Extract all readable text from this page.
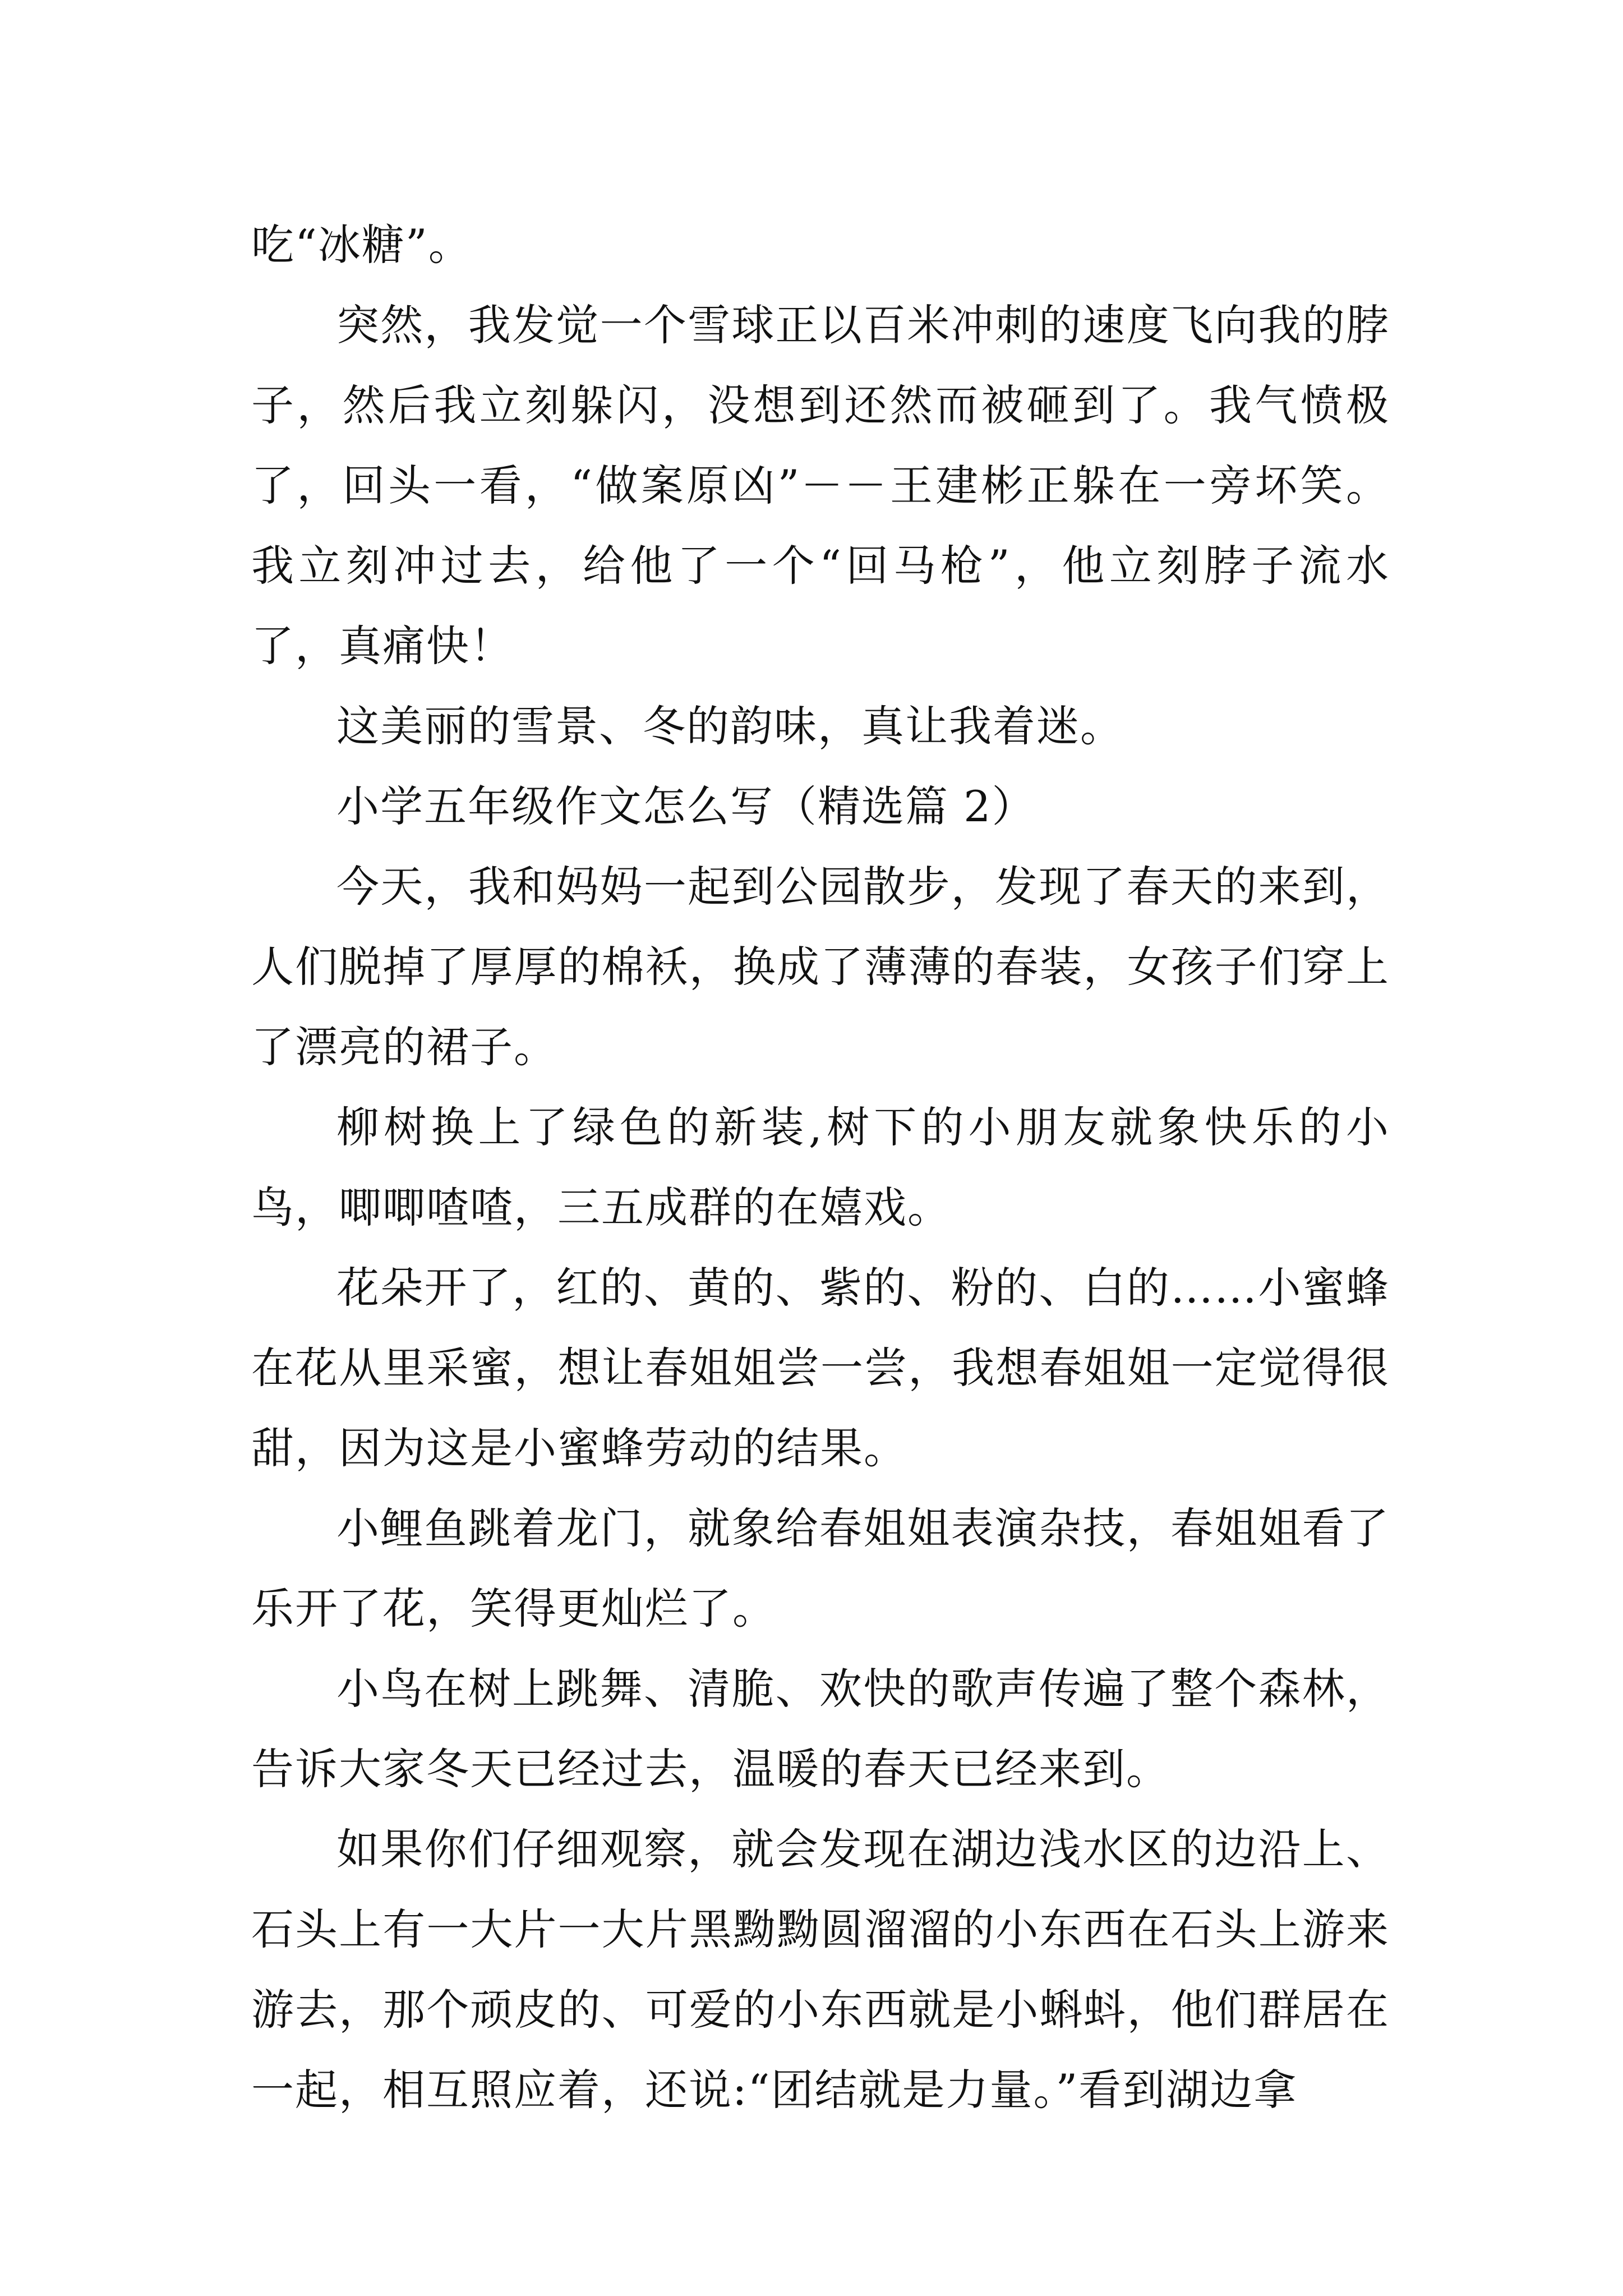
吃“冰糖”。

突然，我发觉一个雪球正以百米冲刺的速度飞向我的脖子，然后我立刻躲闪，没想到还然而被砸到了。我气愤极了，回头一看，“做案原凶”－－王建彬正躲在一旁坏笑。我立刻冲过去，给他了一个“回马枪”，他立刻脖子流水了，真痛快！

这美丽的雪景、冬的韵味，真让我着迷。

小学五年级作文怎么写（精选篇 2）

今天，我和妈妈一起到公园散步，发现了春天的来到，人们脱掉了厚厚的棉袄，换成了薄薄的春装，女孩子们穿上了漂亮的裙子。

柳树换上了绿色的新装,树下的小朋友就象快乐的小鸟，唧唧喳喳，三五成群的在嬉戏。

花朵开了，红的、黄的、紫的、粉的、白的……小蜜蜂在花从里采蜜，想让春姐姐尝一尝，我想春姐姐一定觉得很甜，因为这是小蜜蜂劳动的结果。

小鲤鱼跳着龙门，就象给春姐姐表演杂技，春姐姐看了乐开了花，笑得更灿烂了。

小鸟在树上跳舞、清脆、欢快的歌声传遍了整个森林，告诉大家冬天已经过去，温暖的春天已经来到。

如果你们仔细观察，就会发现在湖边浅水区的边沿上、石头上有一大片一大片黑黝黝圆溜溜的小东西在石头上游来游去，那个顽皮的、可爱的小东西就是小蝌蚪，他们群居在一起，相互照应着，还说:“团结就是力量。”看到湖边拿
